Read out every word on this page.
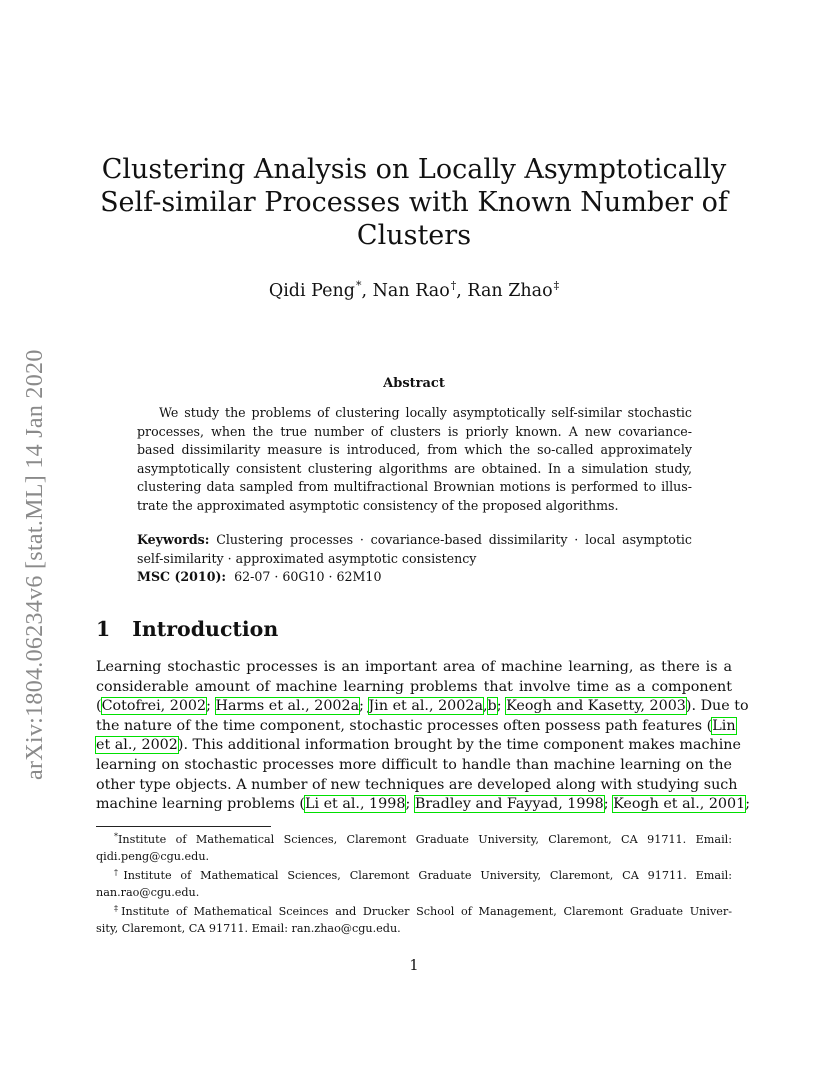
arXiv:1804.06234v6 [stat.ML] 14 Jan 2020
Clustering Analysis on Locally Asymptotically
Self-similar Processes with Known Number of
Clusters
Qidi Peng*, Nan Rao†, Ran Zhao‡
Abstract
We study the problems of clustering locally asymptotically self-similar stochastic
processes, when the true number of clusters is priorly known. A new covariance-
based dissimilarity measure is introduced, from which the so-called approximately
asymptotically consistent clustering algorithms are obtained. In a simulation study,
clustering data sampled from multifractional Brownian motions is performed to illus-
trate the approximated asymptotic consistency of the proposed algorithms.
Keywords: Clustering processes · covariance-based dissimilarity · local asymptotic
self-similarity · approximated asymptotic consistency
MSC (2010): 62-07 · 60G10 · 62M10
1 Introduction
Learning stochastic processes is an important area of machine learning, as there is a
considerable amount of machine learning problems that involve time as a component
(Cotofrei, 2002; Harms et al., 2002a; Jin et al., 2002a,b; Keogh and Kasetty, 2003). Due to
the nature of the time component, stochastic processes often possess path features (Lin
et al., 2002). This additional information brought by the time component makes machine
learning on stochastic processes more difficult to handle than machine learning on the
other type objects. A number of new techniques are developed along with studying such
machine learning problems (Li et al., 1998; Bradley and Fayyad, 1998; Keogh et al., 2001;
*Institute of Mathematical Sciences, Claremont Graduate University, Claremont, CA 91711. Email:
qidi.peng@cgu.edu.
†Institute of Mathematical Sciences, Claremont Graduate University, Claremont, CA 91711. Email:
nan.rao@cgu.edu.
‡Institute of Mathematical Sceinces and Drucker School of Management, Claremont Graduate Univer-
sity, Claremont, CA 91711. Email: ran.zhao@cgu.edu.
1
